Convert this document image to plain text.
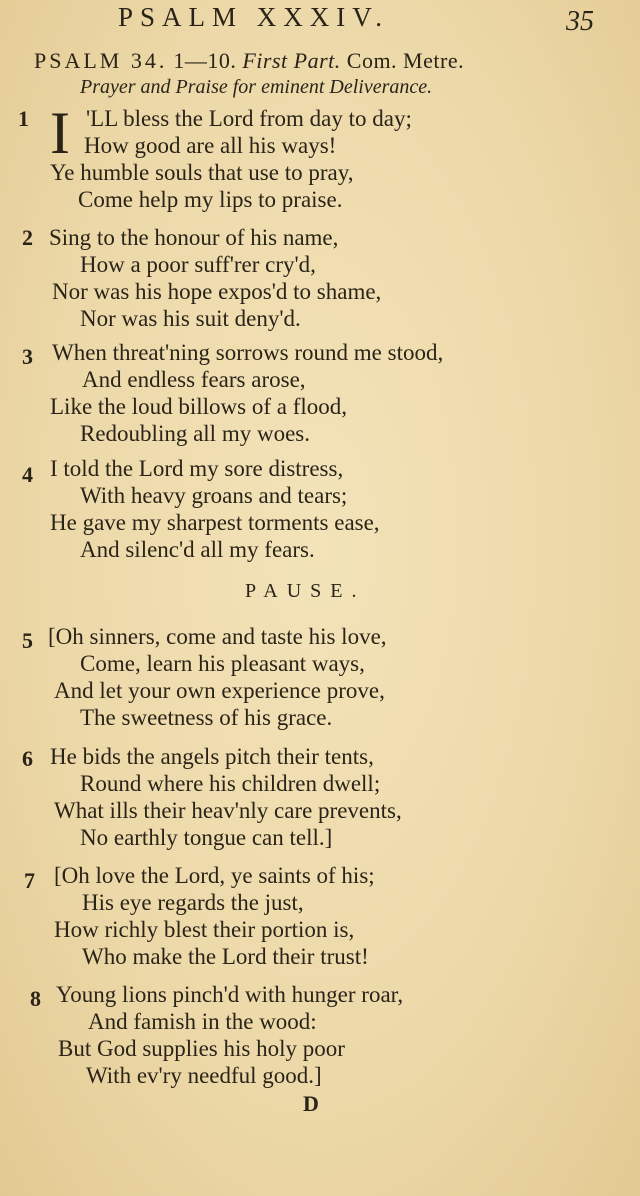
PSALM XXXIV.	35
PSALM 34. 1—10. First Part. Com. Metre.
Prayer and Praise for eminent Deliverance.
I
1 'LL bless the Lord from day to day;
How good are all his ways!
Ye humble souls that use to pray,
Come help my lips to praise.
2 Sing to the honour of his name,
How a poor suff'rer cry'd,
Nor was his hope expos'd to shame,
Nor was his suit deny'd.
3 When threat'ning sorrows round me stood,
And endless fears arose,
Like the loud billows of a flood,
Redoubling all my woes.
4 I told the Lord my sore distress,
With heavy groans and tears;
He gave my sharpest torments ease,
And silenc'd all my fears.
PAUSE.
5 [Oh sinners, come and taste his love,
Come, learn his pleasant ways,
And let your own experience prove,
The sweetness of his grace.
6 He bids the angels pitch their tents,
Round where his children dwell;
What ills their heav'nly care prevents,
No earthly tongue can tell.]
7 [Oh love the Lord, ye saints of his;
His eye regards the just,
How richly blest their portion is,
Who make the Lord their trust!
8 Young lions pinch'd with hunger roar,
And famish in the wood:
But God supplies his holy poor
With ev'ry needful good.]
D
